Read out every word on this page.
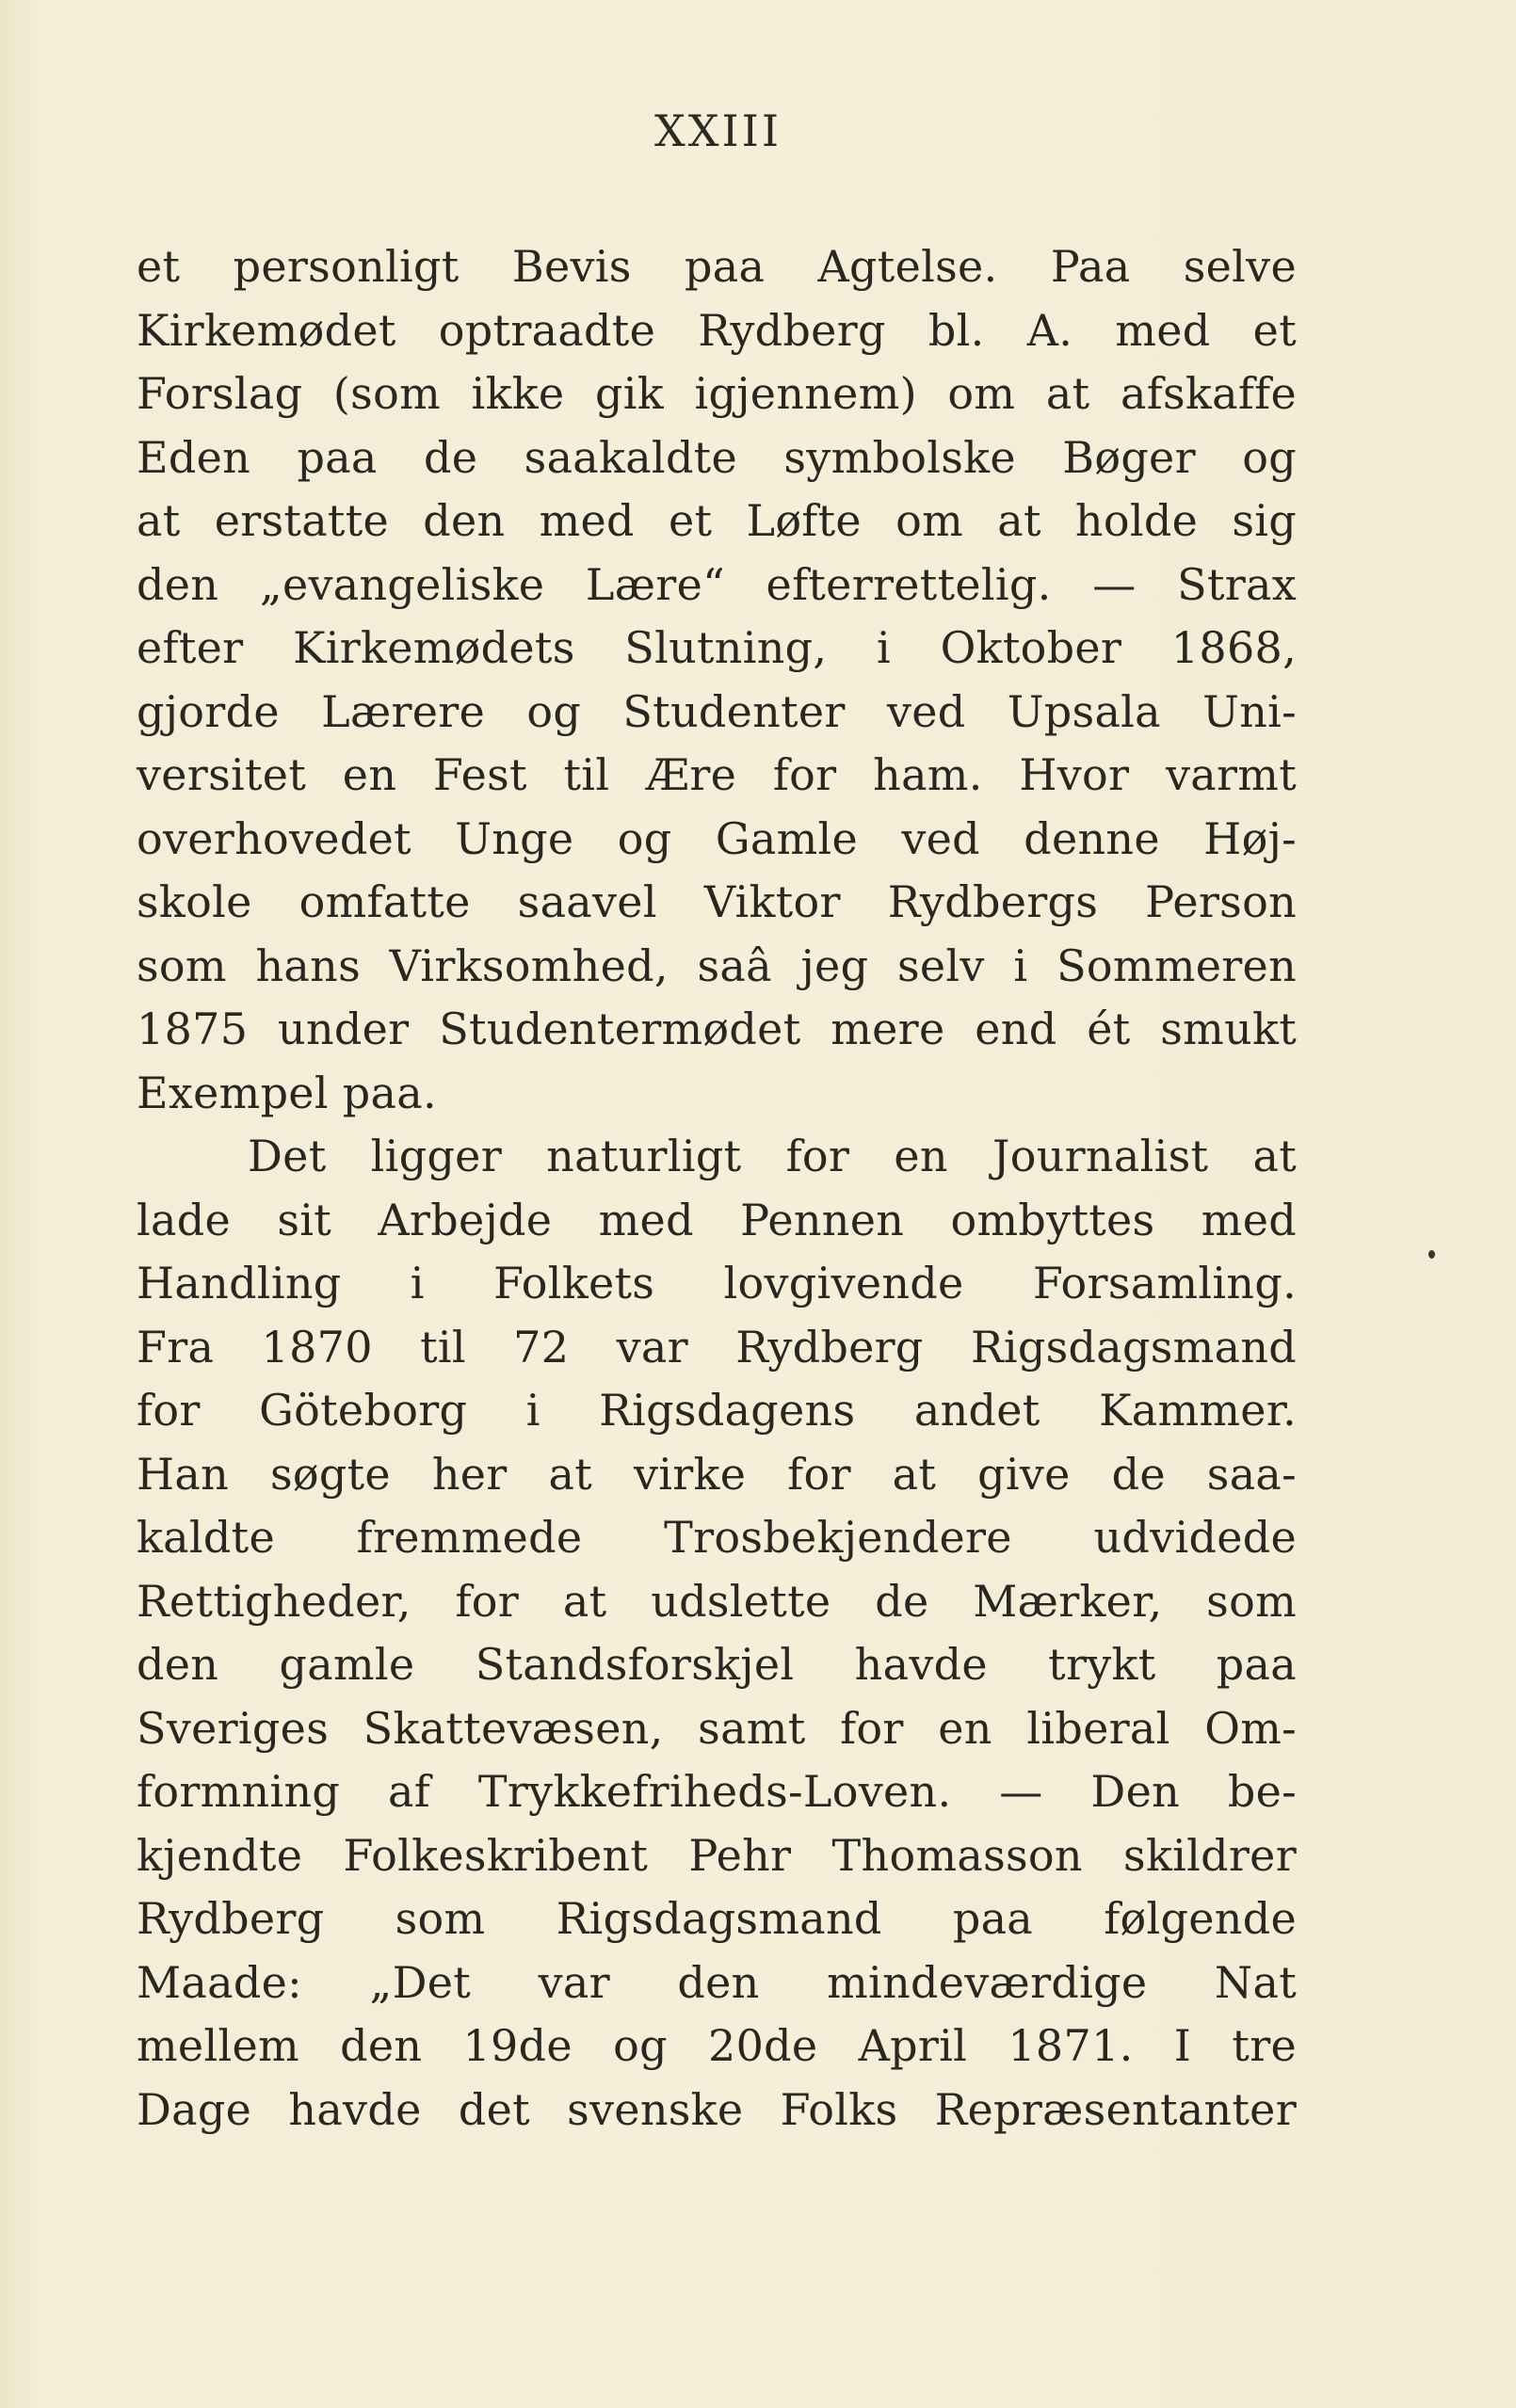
XXIII
et personligt Bevis paa Agtelse. Paa selve
Kirkemødet optraadte Rydberg bl. A. med et
Forslag (som ikke gik igjennem) om at afskaffe
Eden paa de saakaldte symbolske Bøger og
at erstatte den med et Løfte om at holde sig
den „evangeliske Lære“ efterrettelig. — Strax
efter Kirkemødets Slutning, i Oktober 1868,
gjorde Lærere og Studenter ved Upsala Uni-
versitet en Fest til Ære for ham. Hvor varmt
overhovedet Unge og Gamle ved denne Høj-
skole omfatte saavel Viktor Rydbergs Person
som hans Virksomhed, saâ jeg selv i Sommeren
1875 under Studentermødet mere end ét smukt
Exempel paa.
Det ligger naturligt for en Journalist at
lade sit Arbejde med Pennen ombyttes med
Handling i Folkets lovgivende Forsamling.
Fra 1870 til 72 var Rydberg Rigsdagsmand
for Göteborg i Rigsdagens andet Kammer.
Han søgte her at virke for at give de saa-
kaldte fremmede Trosbekjendere udvidede
Rettigheder, for at udslette de Mærker, som
den gamle Standsforskjel havde trykt paa
Sveriges Skattevæsen, samt for en liberal Om-
formning af Trykkefriheds-Loven. — Den be-
kjendte Folkeskribent Pehr Thomasson skildrer
Rydberg som Rigsdagsmand paa følgende
Maade: „Det var den mindeværdige Nat
mellem den 19de og 20de April 1871. I tre
Dage havde det svenske Folks Repræsentanter
